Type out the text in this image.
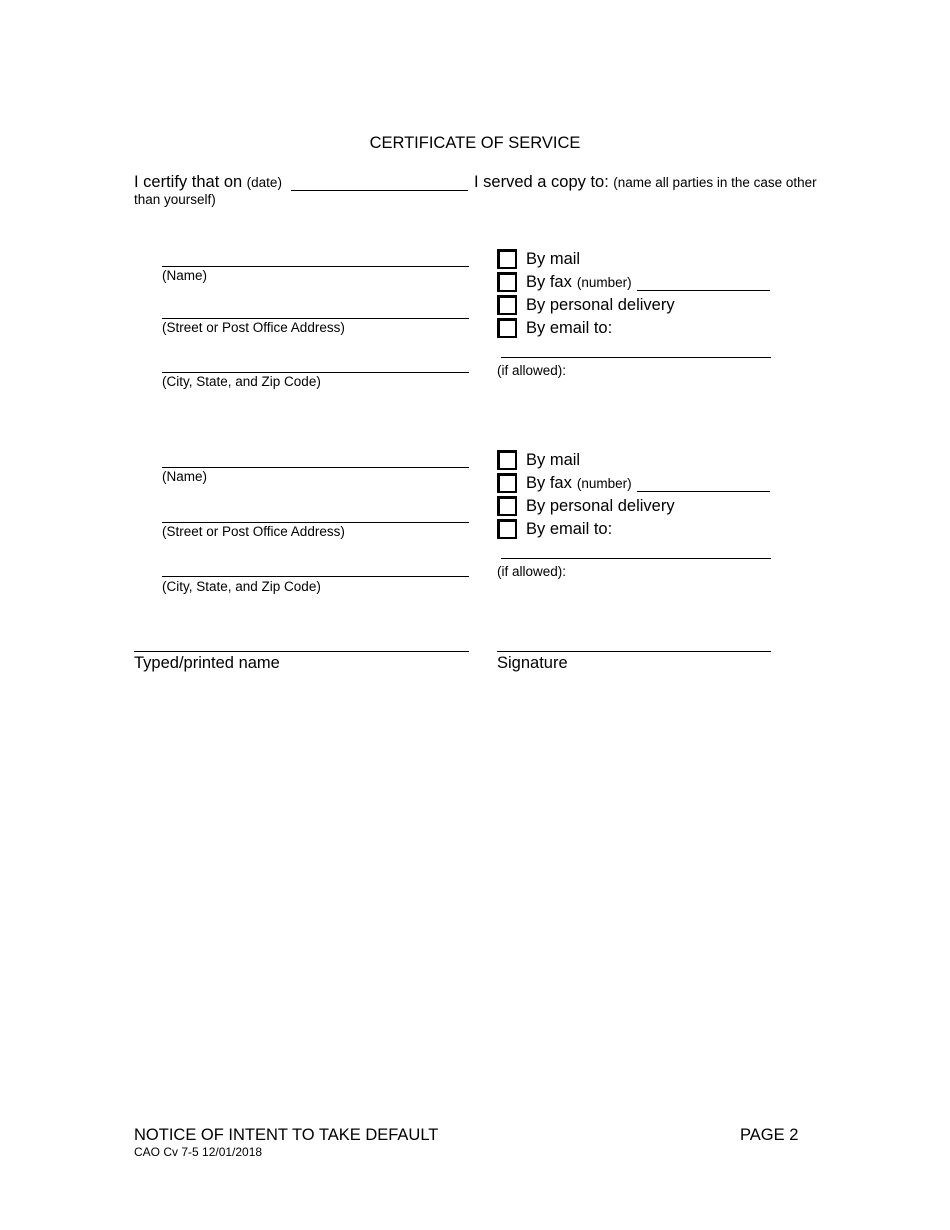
CERTIFICATE OF SERVICE
I certify that on (date)	I served a copy to: (name all parties in the case other
than yourself)
(Name)
(Street or Post Office Address)
(City, State, and Zip Code)
By mail
By fax (number)
By personal delivery
By email to:
(if allowed):
(Name)
(Street or Post Office Address)
(City, State, and Zip Code)
By mail
By fax (number)
By personal delivery
By email to:
(if allowed):
Typed/printed name	Signature
NOTICE OF INTENT TO TAKE DEFAULT
CAO Cv 7-5 12/01/2018
PAGE 2
